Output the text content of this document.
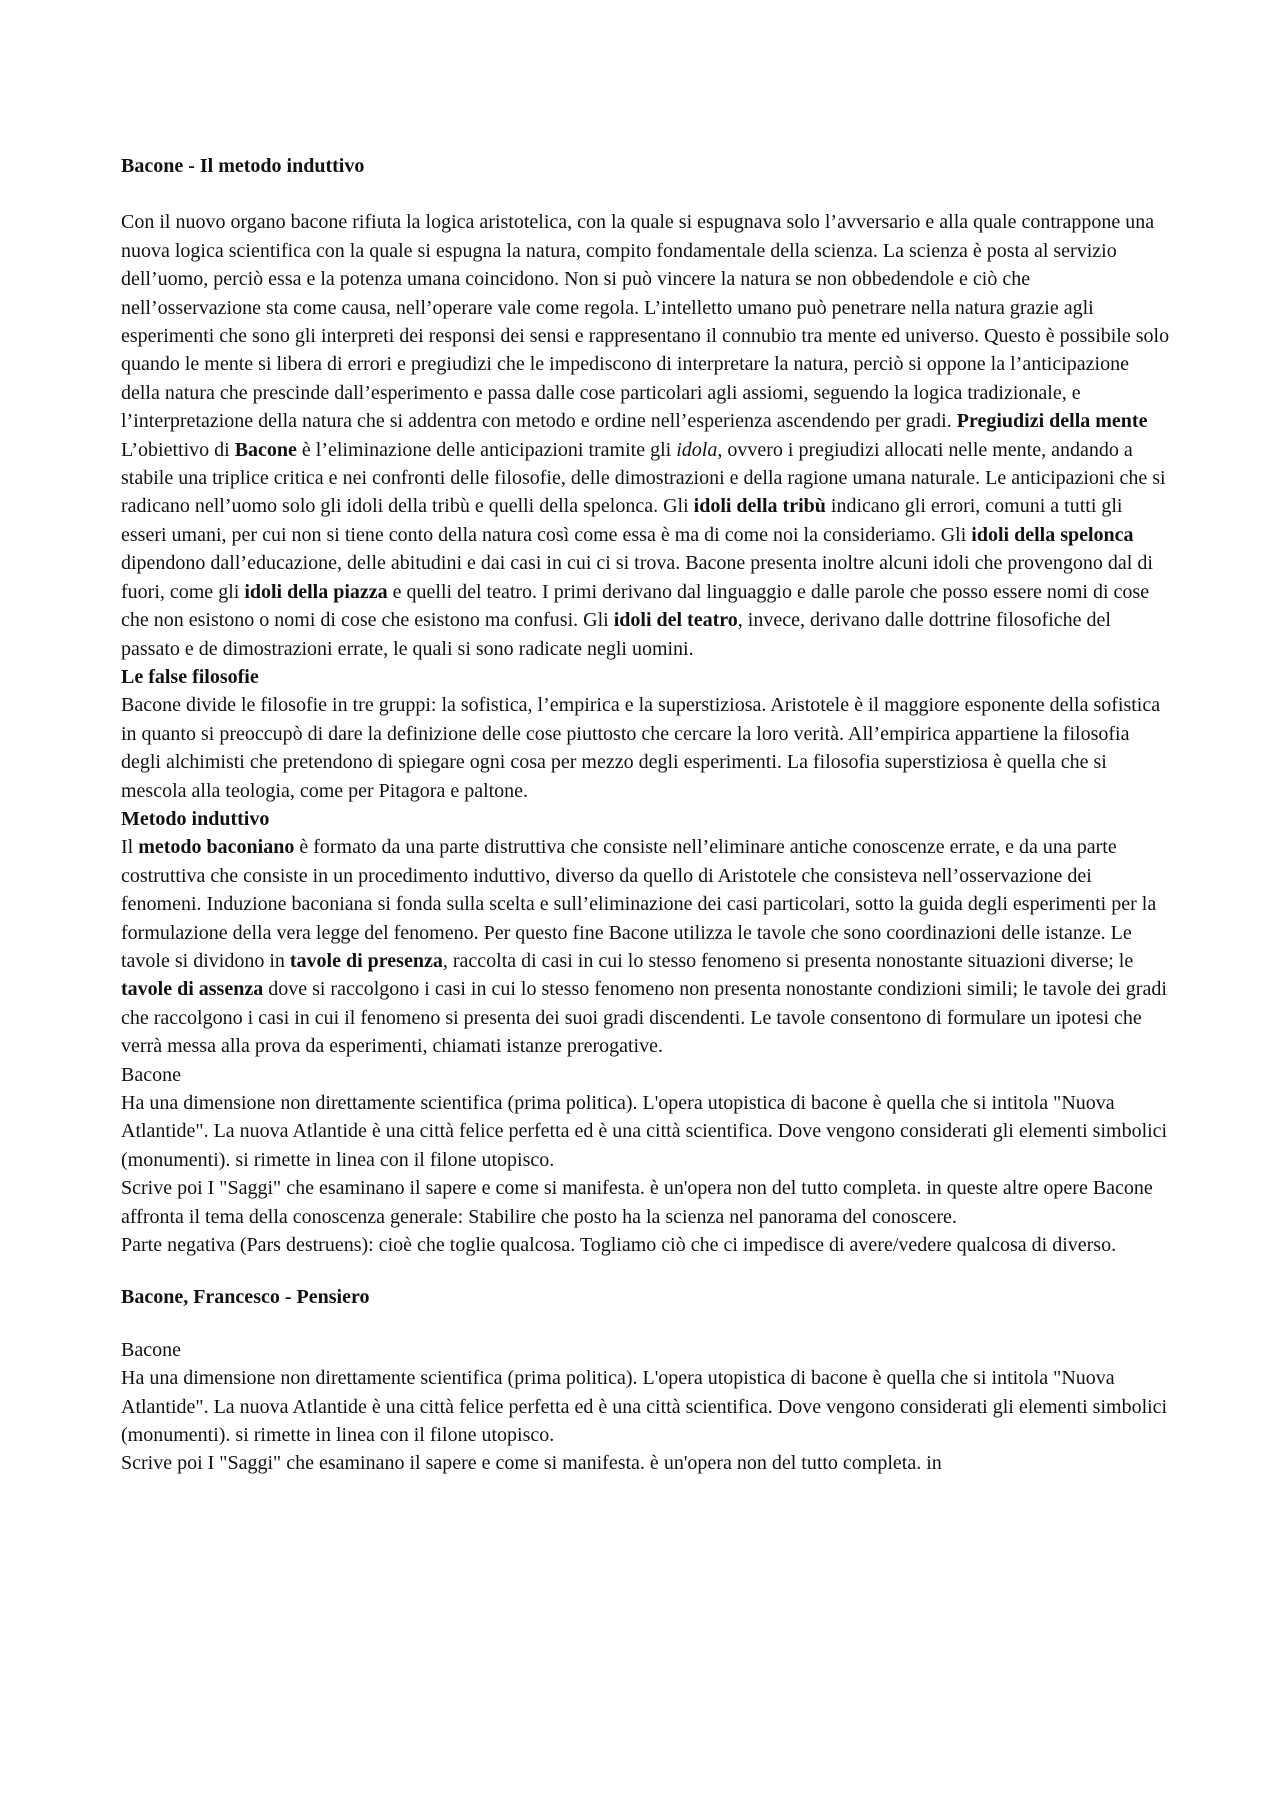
Bacone - Il metodo induttivo

Con il nuovo organo bacone rifiuta la logica aristotelica, con la quale si espugnava solo l’avversario e alla quale contrappone una nuova logica scientifica con la quale si espugna la natura, compito fondamentale della scienza. La scienza è posta al servizio dell’uomo, perciò essa e la potenza umana coincidono. Non si può vincere la natura se non obbedendole e ciò che nell’osservazione sta come causa, nell’operare vale come regola. L’intelletto umano può penetrare nella natura grazie agli esperimenti che sono gli interpreti dei responsi dei sensi e rappresentano il connubio tra mente ed universo. Questo è possibile solo quando le mente si libera di errori e pregiudizi che le impediscono di interpretare la natura, perciò si oppone la l’anticipazione della natura che prescinde dall’esperimento e passa dalle cose particolari agli assiomi, seguendo la logica tradizionale, e l’interpretazione della natura che si addentra con metodo e ordine nell’esperienza ascendendo per gradi. Pregiudizi della mente

L’obiettivo di Bacone è l’eliminazione delle anticipazioni tramite gli idola, ovvero i pregiudizi allocati nelle mente, andando a stabile una triplice critica e nei confronti delle filosofie, delle dimostrazioni e della ragione umana naturale. Le anticipazioni che si radicano nell’uomo solo gli idoli della tribù e quelli della spelonca. Gli idoli della tribù indicano gli errori, comuni a tutti gli esseri umani, per cui non si tiene conto della natura così come essa è ma di come noi la consideriamo. Gli idoli della spelonca dipendono dall’educazione, delle abitudini e dai casi in cui ci si trova. Bacone presenta inoltre alcuni idoli che provengono dal di fuori, come gli idoli della piazza e quelli del teatro. I primi derivano dal linguaggio e dalle parole che posso essere nomi di cose che non esistono o nomi di cose che esistono ma confusi. Gli idoli del teatro, invece, derivano dalle dottrine filosofiche del passato e de dimostrazioni errate, le quali si sono radicate negli uomini.

Le false filosofie

Bacone divide le filosofie in tre gruppi: la sofistica, l’empirica e la superstiziosa. Aristotele è il maggiore esponente della sofistica in quanto si preoccupò di dare la definizione delle cose piuttosto che cercare la loro verità. All’empirica appartiene la filosofia degli alchimisti che pretendono di spiegare ogni cosa per mezzo degli esperimenti. La filosofia superstiziosa è quella che si mescola alla teologia, come per Pitagora e paltone.

Metodo induttivo

Il metodo baconiano è formato da una parte distruttiva che consiste nell’eliminare antiche conoscenze errate, e da una parte costruttiva che consiste in un procedimento induttivo, diverso da quello di Aristotele che consisteva nell’osservazione dei fenomeni. Induzione baconiana si fonda sulla scelta e sull’eliminazione dei casi particolari, sotto la guida degli esperimenti per la formulazione della vera legge del fenomeno. Per questo fine Bacone utilizza le tavole che sono coordinazioni delle istanze. Le tavole si dividono in tavole di presenza, raccolta di casi in cui lo stesso fenomeno si presenta nonostante situazioni diverse; le tavole di assenza dove si raccolgono i casi in cui lo stesso fenomeno non presenta nonostante condizioni simili; le tavole dei gradi che raccolgono i casi in cui il fenomeno si presenta dei suoi gradi discendenti. Le tavole consentono di formulare un ipotesi che verrà messa alla prova da esperimenti, chiamati istanze prerogative.

Bacone

Ha una dimensione non direttamente scientifica (prima politica). L'opera utopistica di bacone è quella che si intitola "Nuova Atlantide". La nuova Atlantide è una città felice perfetta ed è una città scientifica. Dove vengono considerati gli elementi simbolici (monumenti). si rimette in linea con il filone utopisco.

Scrive poi I "Saggi" che esaminano il sapere e come si manifesta. è un'opera non del tutto completa. in queste altre opere Bacone affronta il tema della conoscenza generale: Stabilire che posto ha la scienza nel panorama del conoscere.

Parte negativa (Pars destruens): cioè che toglie qualcosa. Togliamo ciò che ci impedisce di avere/vedere qualcosa di diverso.

Bacone, Francesco - Pensiero

Bacone

Ha una dimensione non direttamente scientifica (prima politica). L'opera utopistica di bacone è quella che si intitola "Nuova Atlantide". La nuova Atlantide è una città felice perfetta ed è una città scientifica. Dove vengono considerati gli elementi simbolici (monumenti). si rimette in linea con il filone utopisco.

Scrive poi I "Saggi" che esaminano il sapere e come si manifesta. è un'opera non del tutto completa. in
